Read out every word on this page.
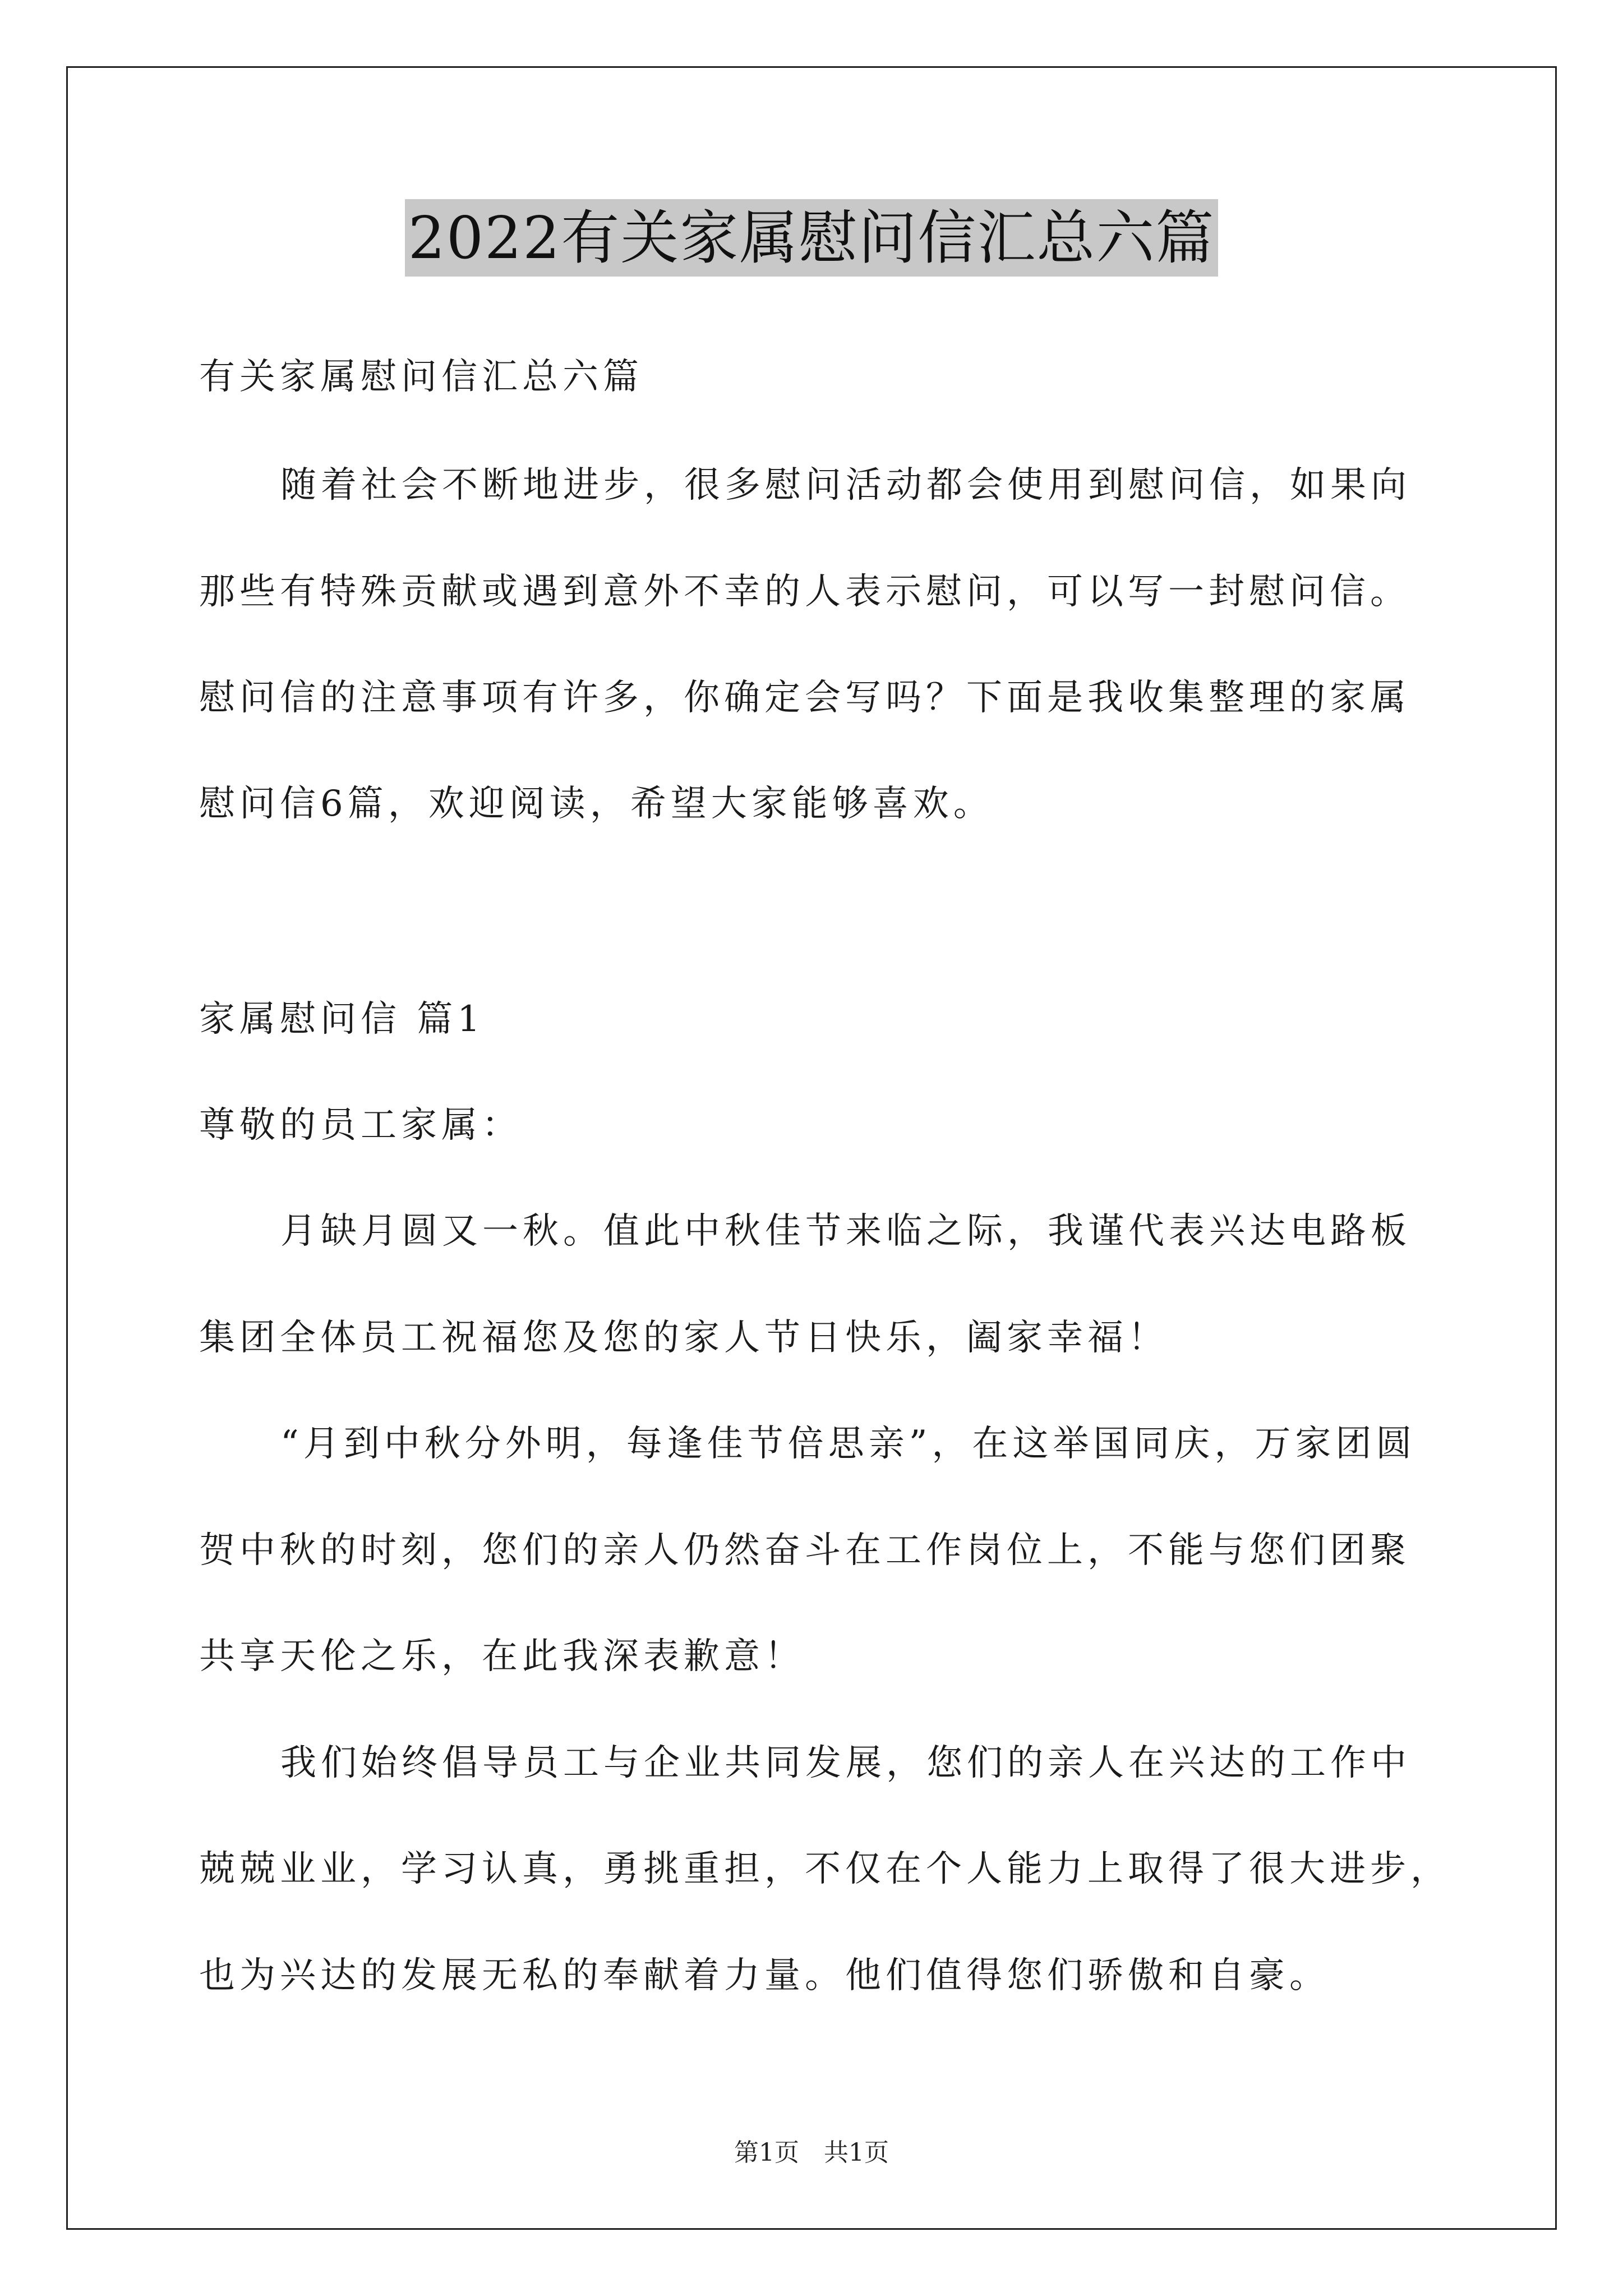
2022有关家属慰问信汇总六篇
有关家属慰问信汇总六篇
随着社会不断地进步，很多慰问活动都会使用到慰问信，如果向
那些有特殊贡献或遇到意外不幸的人表示慰问，可以写一封慰问信。
慰问信的注意事项有许多，你确定会写吗？下面是我收集整理的家属
慰问信6篇，欢迎阅读，希望大家能够喜欢。
家属慰问信 篇1
尊敬的员工家属：
月缺月圆又一秋。值此中秋佳节来临之际，我谨代表兴达电路板
集团全体员工祝福您及您的家人节日快乐，阖家幸福！
“月到中秋分外明，每逢佳节倍思亲”，在这举国同庆，万家团圆
贺中秋的时刻，您们的亲人仍然奋斗在工作岗位上，不能与您们团聚
共享天伦之乐，在此我深表歉意！
我们始终倡导员工与企业共同发展，您们的亲人在兴达的工作中
兢兢业业，学习认真，勇挑重担，不仅在个人能力上取得了很大进步，
也为兴达的发展无私的奉献着力量。他们值得您们骄傲和自豪。
第1页　共1页
